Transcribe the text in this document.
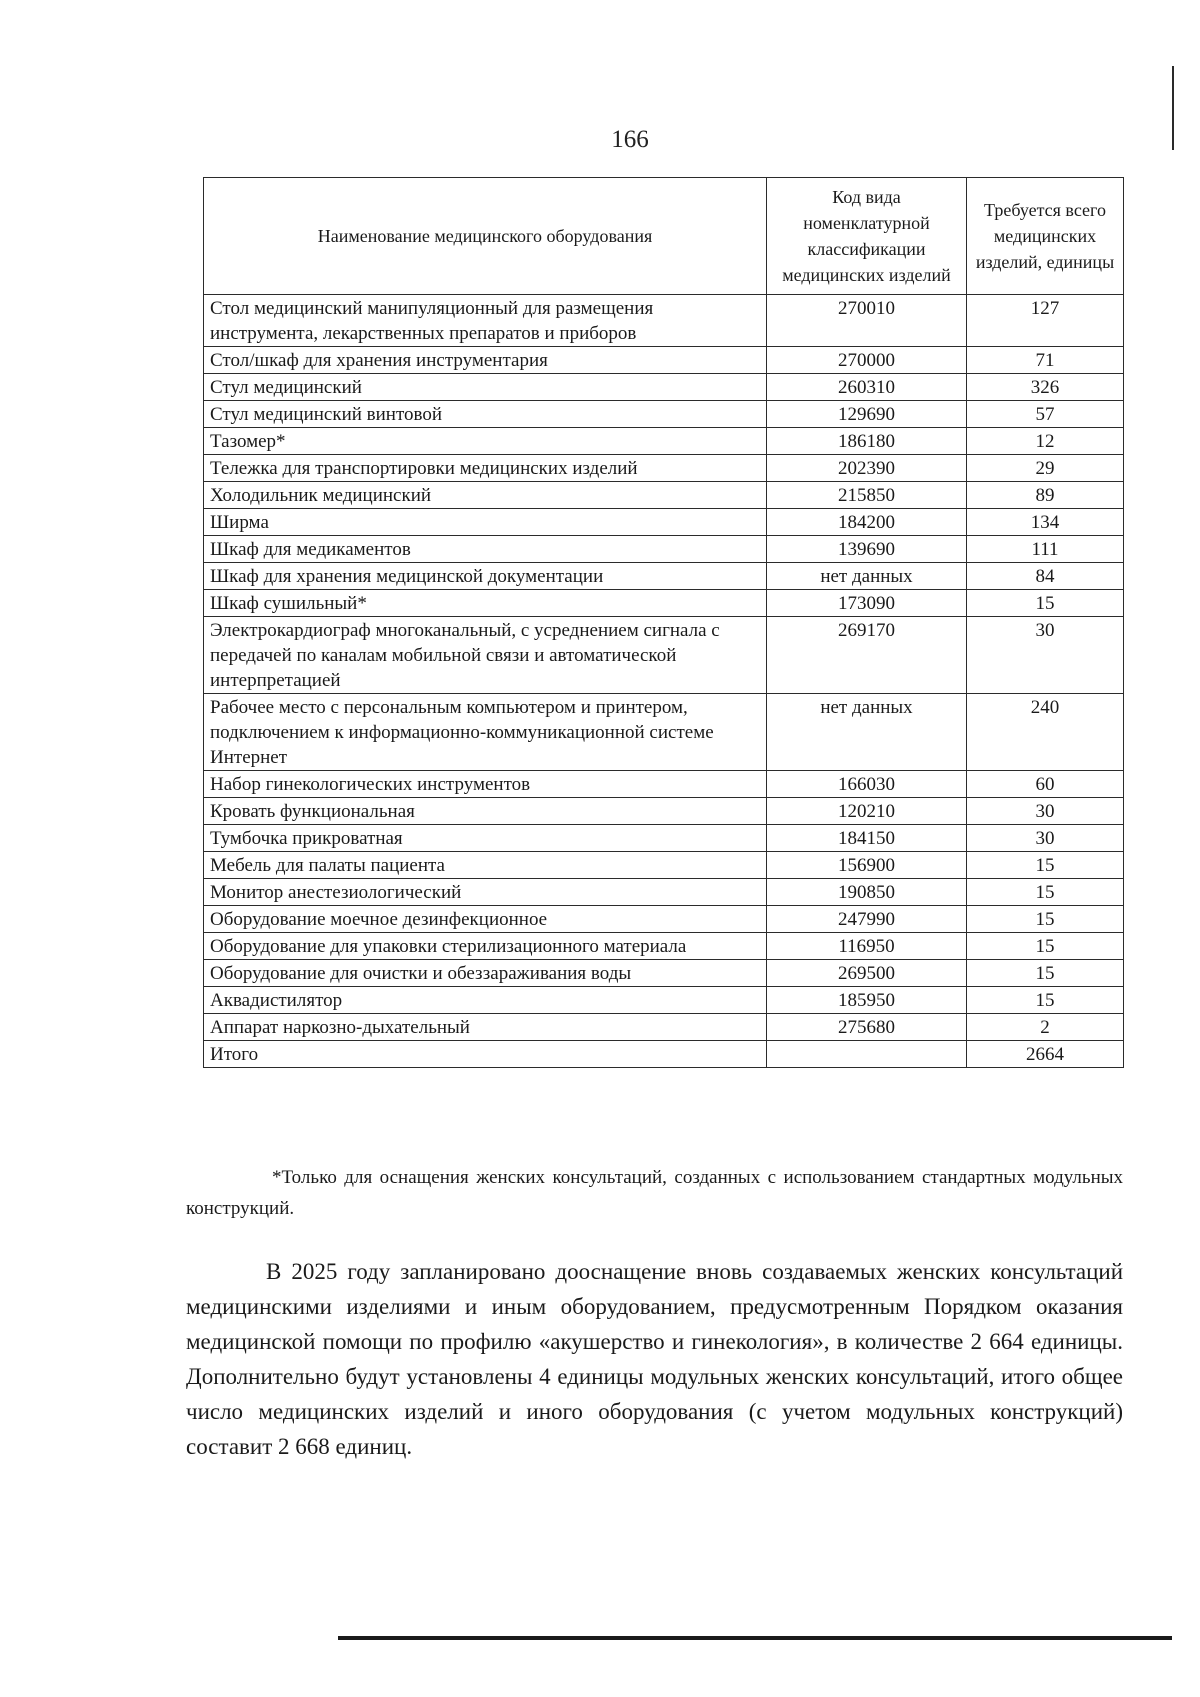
166
Наименование медицинского оборудования	Код вида номенклатурной классификации медицинских изделий	Требуется всего медицинских изделий, единицы
Стол медицинский манипуляционный для размещения инструмента, лекарственных препаратов и приборов	270010	127
Стол/шкаф для хранения инструментария	270000	71
Стул медицинский	260310	326
Стул медицинский винтовой	129690	57
Тазомер*	186180	12
Тележка для транспортировки медицинских изделий	202390	29
Холодильник медицинский	215850	89
Ширма	184200	134
Шкаф для медикаментов	139690	111
Шкаф для хранения медицинской документации	нет данных	84
Шкаф сушильный*	173090	15
Электрокардиограф многоканальный, с усреднением сигнала с передачей по каналам мобильной связи и автоматической интерпретацией	269170	30
Рабочее место с персональным компьютером и принтером, подключением к информационно-коммуникационной системе Интернет	нет данных	240
Набор гинекологических инструментов	166030	60
Кровать функциональная	120210	30
Тумбочка прикроватная	184150	30
Мебель для палаты пациента	156900	15
Монитор анестезиологический	190850	15
Оборудование моечное дезинфекционное	247990	15
Оборудование для упаковки стерилизационного материала	116950	15
Оборудование для очистки и обеззараживания воды	269500	15
Аквадистилятор	185950	15
Аппарат наркозно-дыхательный	275680	2
Итого		2664
*Только для оснащения женских консультаций, созданных с использованием стандартных модульных конструкций.
В 2025 году запланировано дооснащение вновь создаваемых женских консультаций медицинскими изделиями и иным оборудованием, предусмотренным Порядком оказания медицинской помощи по профилю «акушерство и гинекология», в количестве 2 664 единицы. Дополнительно будут установлены 4 единицы модульных женских консультаций, итого общее число медицинских изделий и иного оборудования (с учетом модульных конструкций) составит 2 668 единиц.
